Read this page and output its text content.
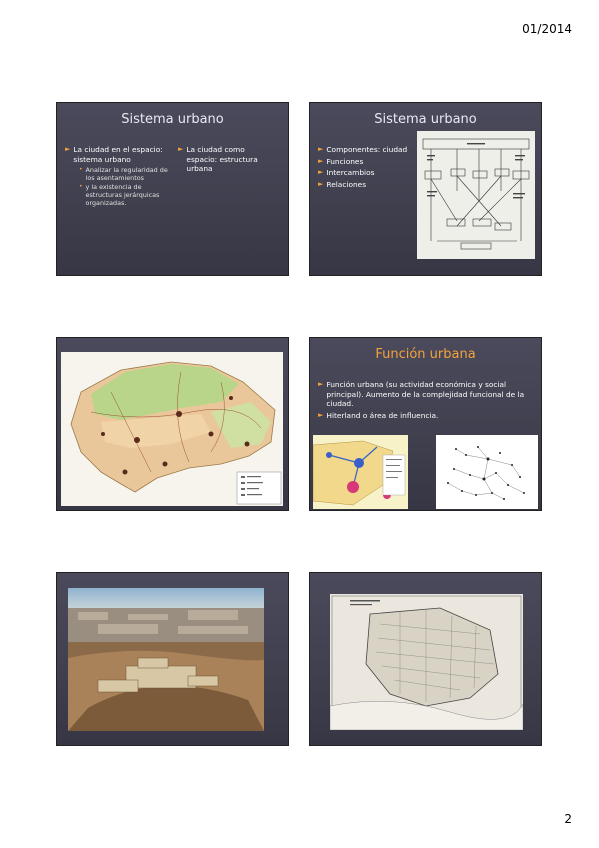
01/2014
Sistema urbano
► La ciudad en el espacio: sistema urbano
• Analizar la regularidad de los asentamientos
• y la existencia de estructuras jerárquicas organizadas.
► La ciudad como espacio: estructura urbana
Sistema urbano
► Componentes: ciudad
► Funciones
► Intercambios
► Relaciones
Función urbana
► Función urbana (su actividad económica y social principal). Aumento de la complejidad funcional de la ciudad.
► Hiterland o área de influencia.
2
